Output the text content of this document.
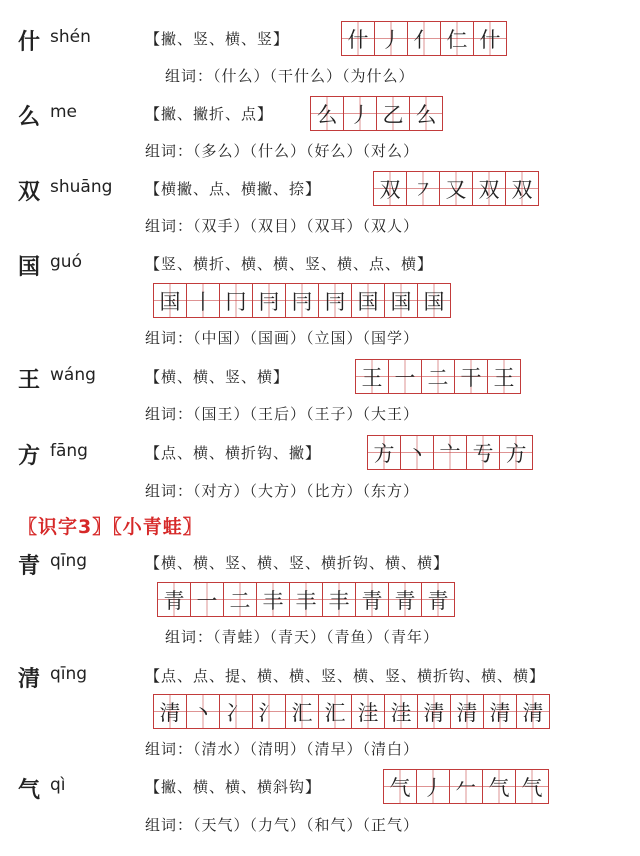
什 shén	【撇、竖、横、竖】	什 丿 亻 仁 什
组词：（什么）（干什么）（为什么）
么 me	【撇、撇折、点】 么 丿 乙 么
组词：（多么）（什么）（好么）（对么）
双 shuāng 【横撇、点、横撇、捺】	双 ㇇ 又 双 双
组词：（双手）（双目）（双耳）（双人）
国 guó	【竖、横折、横、横、竖、横、点、横】
国 丨 冂 冃 冃 冃 国 国 国
组词：（中国）（国画）（立国）（国学）
王 wáng	【横、横、竖、横】	王 一 二 干 王
组词：（国王）（王后）（王子）（大王）
方 fāng	【点、横、横折钩、撇】 方 丶 亠 亐 方
组词：（对方）（大方）（比方）（东方）
〖识字3〗〖小青蛙〗
青 qīng	【横、横、竖、横、竖、横折钩、横、横】
青 一 二 丰 丰 丰 青 青 青
组词：（青蛙）（青天）（青鱼）（青年）
清 qīng	【点、点、提、横、横、竖、横、竖、横折钩、横、横】
清 丶 冫 氵 汇 汇 洼 洼 清 清 清 清
组词：（清水）（清明）（清早）（清白）
气 qì	【撇、横、横、横斜钩】	气 丿 𠂉 气 气
组词：（天气）（力气）（和气）（正气）
